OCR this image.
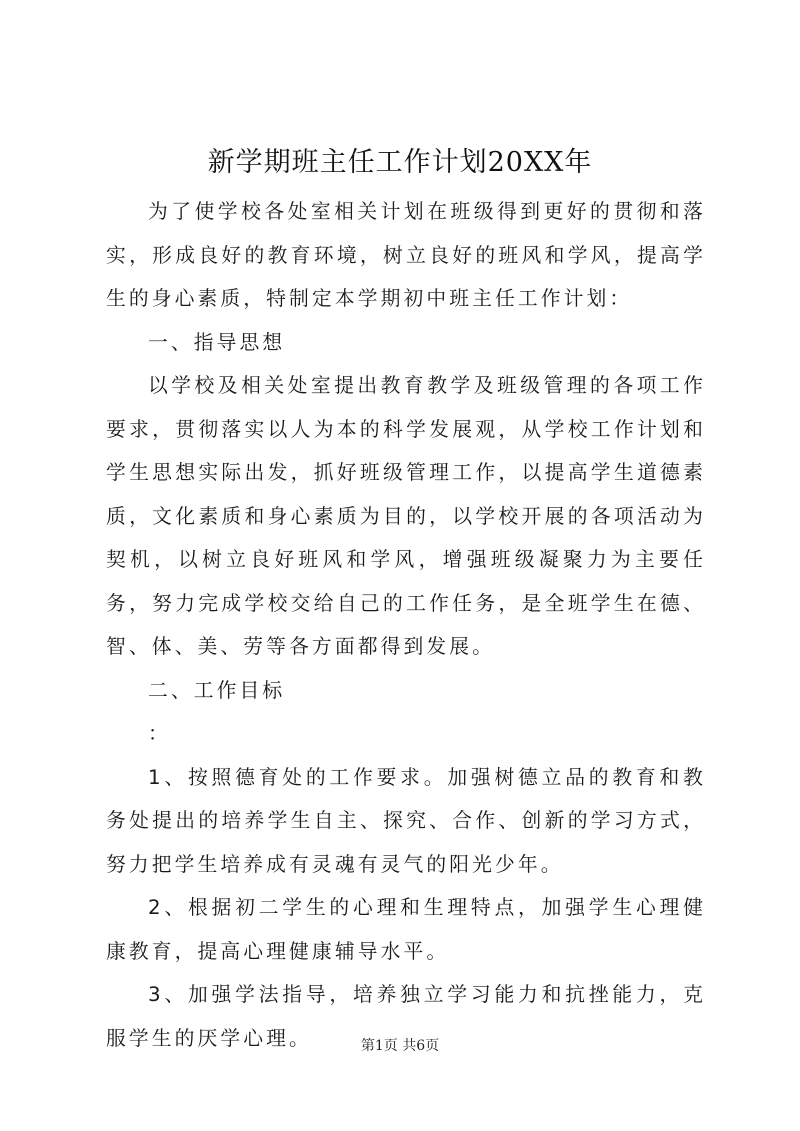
新学期班主任工作计划20XX年

为了使学校各处室相关计划在班级得到更好的贯彻和落实，形成良好的教育环境，树立良好的班风和学风，提高学生的身心素质，特制定本学期初中班主任工作计划：

一、指导思想

以学校及相关处室提出教育教学及班级管理的各项工作要求，贯彻落实以人为本的科学发展观，从学校工作计划和学生思想实际出发，抓好班级管理工作，以提高学生道德素质，文化素质和身心素质为目的，以学校开展的各项活动为契机，以树立良好班风和学风，增强班级凝聚力为主要任务，努力完成学校交给自己的工作任务，是全班学生在德、智、体、美、劳等各方面都得到发展。

二、工作目标

：

1、按照德育处的工作要求。加强树德立品的教育和教务处提出的培养学生自主、探究、合作、创新的学习方式，努力把学生培养成有灵魂有灵气的阳光少年。

2、根据初二学生的心理和生理特点，加强学生心理健康教育，提高心理健康辅导水平。

3、加强学法指导，培养独立学习能力和抗挫能力，克服学生的厌学心理。	第1页 共6页
